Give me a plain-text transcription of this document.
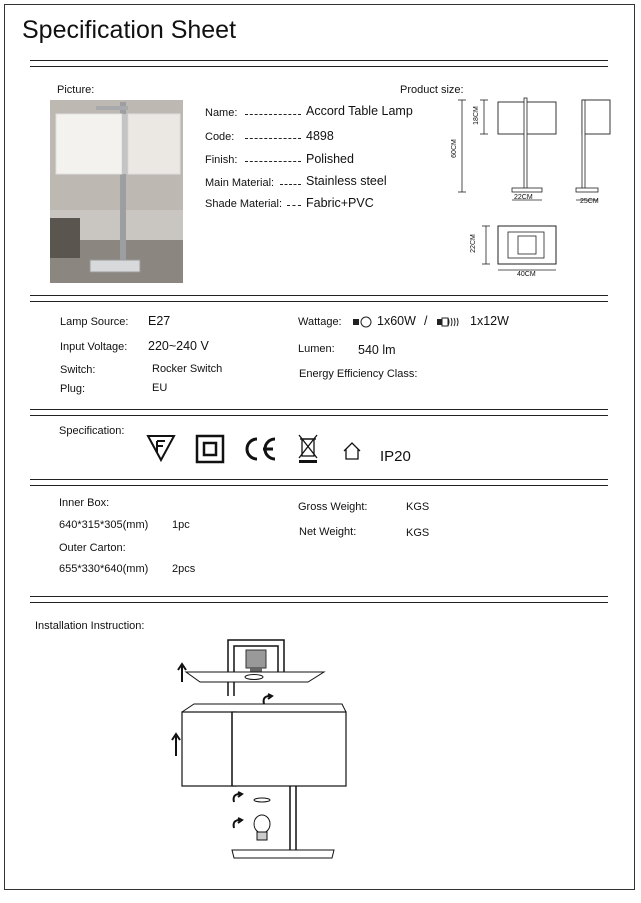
Specification Sheet
Picture:	Product size:
Name:	Accord Table Lamp
Code:	4898
Finish:	Polished
Main Material:	Stainless steel
Shade Material: Fabric+PVC
60CM
18CM
22CM
25CM
22CM
40CM
Lamp Source: E27
Input Voltage: 220~240 V
Switch:	Rocker Switch
Plug:	EU
Wattage:	1x60W /	1x12W
Lumen: 540 lm
Energy Efficiency Class:
Specification:
IP20
Inner Box:
640*315*305(mm) 1pc
Outer Carton:
655*330*640(mm) 2pcs
Gross Weight:	KGS
Net Weight:	KGS
Installation Instruction:
